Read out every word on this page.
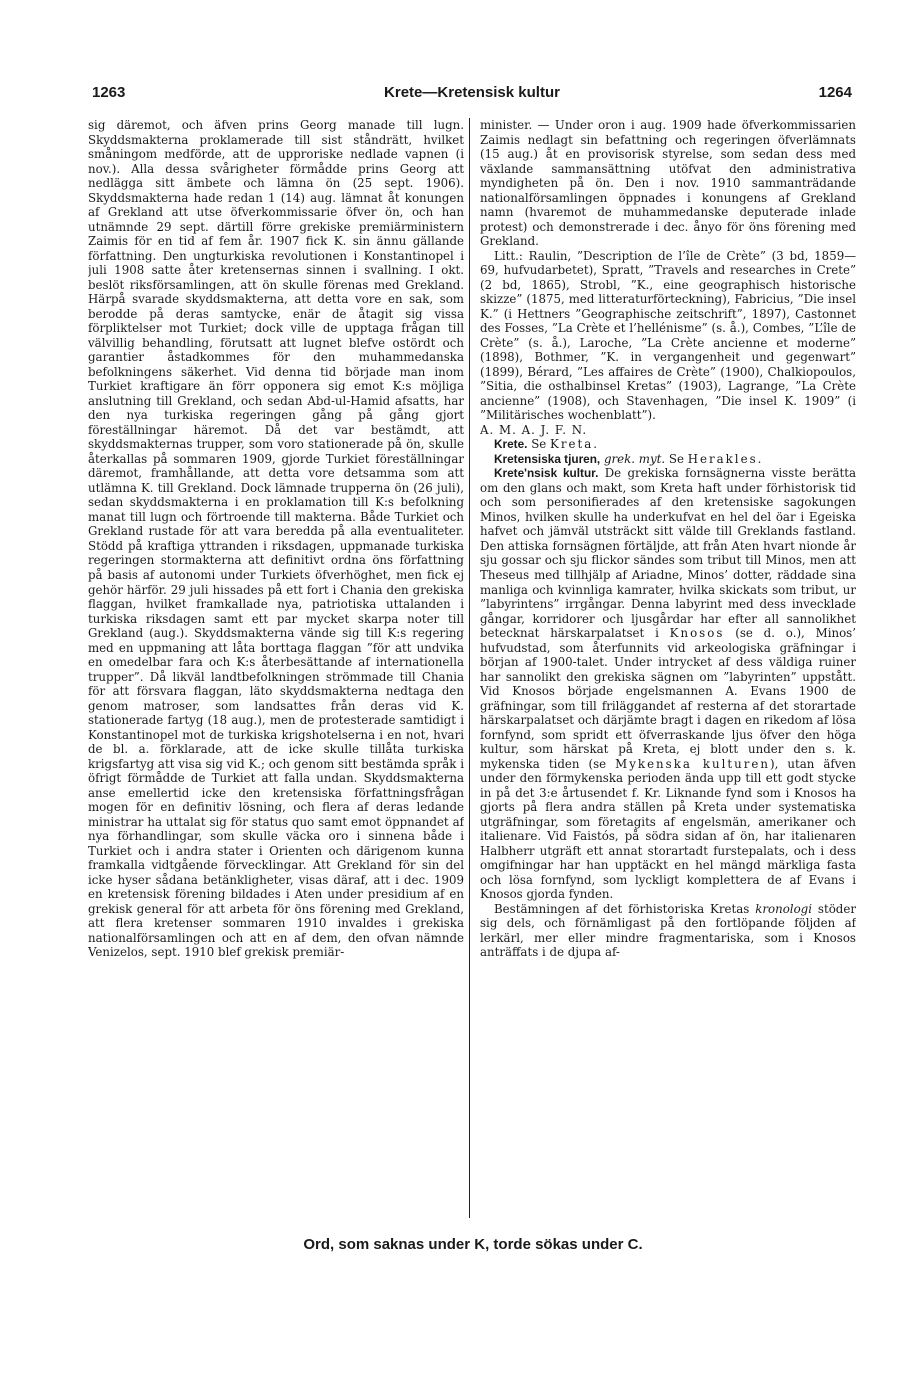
1263	Krete—Kretensisk kultur	1264

sig däremot, och äfven prins Georg manade till lugn. Skyddsmakterna proklamerade till sist ståndrätt, hvilket småningom medförde, att de upproriske nedlade vapnen (i nov.). Alla dessa svårigheter förmådde prins Georg att nedlägga sitt ämbete och lämna ön (25 sept. 1906). Skyddsmakterna hade redan 1 (14) aug. lämnat åt konungen af Grekland att utse öfverkommissarie öfver ön, och han utnämnde 29 sept. därtill förre grekiske premiärministern Zaimis för en tid af fem år. 1907 fick K. sin ännu gällande författning. Den ungturkiska revolutionen i Konstantinopel i juli 1908 satte åter kretensernas sinnen i svallning. I okt. beslöt riksförsamlingen, att ön skulle förenas med Grekland. Härpå svarade skyddsmakterna, att detta vore en sak, som berodde på deras samtycke, enär de åtagit sig vissa förpliktelser mot Turkiet; dock ville de upptaga frågan till välvillig behandling, förutsatt att lugnet blefve ostördt och garantier åstadkommes för den muhammedanska befolkningens säkerhet. Vid denna tid började man inom Turkiet kraftigare än förr opponera sig emot K:s möjliga anslutning till Grekland, och sedan Abd-ul-Hamid afsatts, har den nya turkiska regeringen gång på gång gjort föreställningar häremot. Då det var bestämdt, att skyddsmakternas trupper, som voro stationerade på ön, skulle återkallas på sommaren 1909, gjorde Turkiet föreställningar däremot, framhållande, att detta vore detsamma som att utlämna K. till Grekland. Dock lämnade trupperna ön (26 juli), sedan skyddsmakterna i en proklamation till K:s befolkning manat till lugn och förtroende till makterna. Både Turkiet och Grekland rustade för att vara beredda på alla eventualiteter. Stödd på kraftiga yttranden i riksdagen, uppmanade turkiska regeringen stormakterna att definitivt ordna öns författning på basis af autonomi under Turkiets öfverhöghet, men fick ej gehör härför. 29 juli hissades på ett fort i Chania den grekiska flaggan, hvilket framkallade nya, patriotiska uttalanden i turkiska riksdagen samt ett par mycket skarpa noter till Grekland (aug.). Skyddsmakterna vände sig till K:s regering med en uppmaning att låta borttaga flaggan ”för att undvika en omedelbar fara och K:s återbesättande af internationella trupper”. Då likväl landtbefolkningen strömmade till Chania för att försvara flaggan, läto skyddsmakterna nedtaga den genom matroser, som landsattes från deras vid K. stationerade fartyg (18 aug.), men de protesterade samtidigt i Konstantinopel mot de turkiska krigshotelserna i en not, hvari de bl. a. förklarade, att de icke skulle tillåta turkiska krigsfartyg att visa sig vid K.; och genom sitt bestämda språk i öfrigt förmådde de Turkiet att falla undan. Skyddsmakterna anse emellertid icke den kretensiska författningsfrågan mogen för en definitiv lösning, och flera af deras ledande ministrar ha uttalat sig för status quo samt emot öppnandet af nya förhandlingar, som skulle väcka oro i sinnena både i Turkiet och i andra stater i Orienten och därigenom kunna framkalla vidtgående förvecklingar. Att Grekland för sin del icke hyser sådana betänkligheter, visas däraf, att i dec. 1909 en kretensisk förening bildades i Aten under presidium af en grekisk general för att arbeta för öns förening med Grekland, att flera kretenser sommaren 1910 invaldes i grekiska nationalförsamlingen och att en af dem, den ofvan nämnde Venizelos, sept. 1910 blef grekisk premiär-

minister. — Under oron i aug. 1909 hade öfverkommissarien Zaimis nedlagt sin befattning och regeringen öfverlämnats (15 aug.) åt en provisorisk styrelse, som sedan dess med växlande sammansättning utöfvat den administrativa myndigheten på ön. Den i nov. 1910 sammanträdande nationalförsamlingen öppnades i konungens af Grekland namn (hvaremot de muhammedanske deputerade inlade protest) och demonstrerade i dec. ånyo för öns förening med Grekland.

Litt.: Raulin, ”Description de l’île de Crète” (3 bd, 1859—69, hufvudarbetet), Spratt, ”Travels and researches in Crete” (2 bd, 1865), Strobl, ”K., eine geographisch historische skizze” (1875, med litteraturförteckning), Fabricius, ”Die insel K.” (i Hettners ”Geographische zeitschrift”, 1897), Castonnet des Fosses, ”La Crète et l’hellénisme” (s. å.), Combes, ”L’île de Crète” (s. å.), Laroche, ”La Crète ancienne et moderne” (1898), Bothmer, ”K. in vergangenheit und gegenwart” (1899), Bérard, ”Les affaires de Crète” (1900), Chalkiopoulos, ”Sitia, die osthalbinsel Kretas” (1903), Lagrange, ”La Crète ancienne” (1908), och Stavenhagen, ”Die insel K. 1909” (i ”Militärisches wochenblatt”).

A. M. A. J. F. N.

Krete. Se Kreta.

Kretensiska tjuren, grek. myt. Se Herakles.

Krete'nsisk kultur. De grekiska fornsägnerna visste berätta om den glans och makt, som Kreta haft under förhistorisk tid och som personifierades af den kretensiske sagokungen Minos, hvilken skulle ha underkufvat en hel del öar i Egeiska hafvet och jämväl utsträckt sitt välde till Greklands fastland. Den attiska fornsägnen förtäljde, att från Aten hvart nionde år sju gossar och sju flickor sändes som tribut till Minos, men att Theseus med tillhjälp af Ariadne, Minos’ dotter, räddade sina manliga och kvinnliga kamrater, hvilka skickats som tribut, ur ”labyrintens” irrgångar. Denna labyrint med dess invecklade gångar, korridorer och ljusgårdar har efter all sannolikhet betecknat härskarpalatset i Knosos (se d. o.), Minos’ hufvudstad, som återfunnits vid arkeologiska gräfningar i början af 1900-talet. Under intrycket af dess väldiga ruiner har sannolikt den grekiska sägnen om ”labyrinten” uppstått. Vid Knosos började engelsmannen A. Evans 1900 de gräfningar, som till friläggandet af resterna af det storartade härskarpalatset och därjämte bragt i dagen en rikedom af lösa fornfynd, som spridt ett öfverraskande ljus öfver den höga kultur, som härskat på Kreta, ej blott under den s. k. mykenska tiden (se Mykenska kulturen), utan äfven under den förmykenska perioden ända upp till ett godt stycke in på det 3:e årtusendet f. Kr. Liknande fynd som i Knosos ha gjorts på flera andra ställen på Kreta under systematiska utgräfningar, som företagits af engelsmän, amerikaner och italienare. Vid Faistós, på södra sidan af ön, har italienaren Halbherr utgräft ett annat storartadt furstepalats, och i dess omgifningar har han upptäckt en hel mängd märkliga fasta och lösa fornfynd, som lyckligt komplettera de af Evans i Knosos gjorda fynden.

Bestämningen af det förhistoriska Kretas kronologi stöder sig dels, och förnämligast på den fortlöpande följden af lerkärl, mer eller mindre fragmentariska, som i Knosos anträffats i de djupa af-

Ord, som saknas under K, torde sökas under C.
